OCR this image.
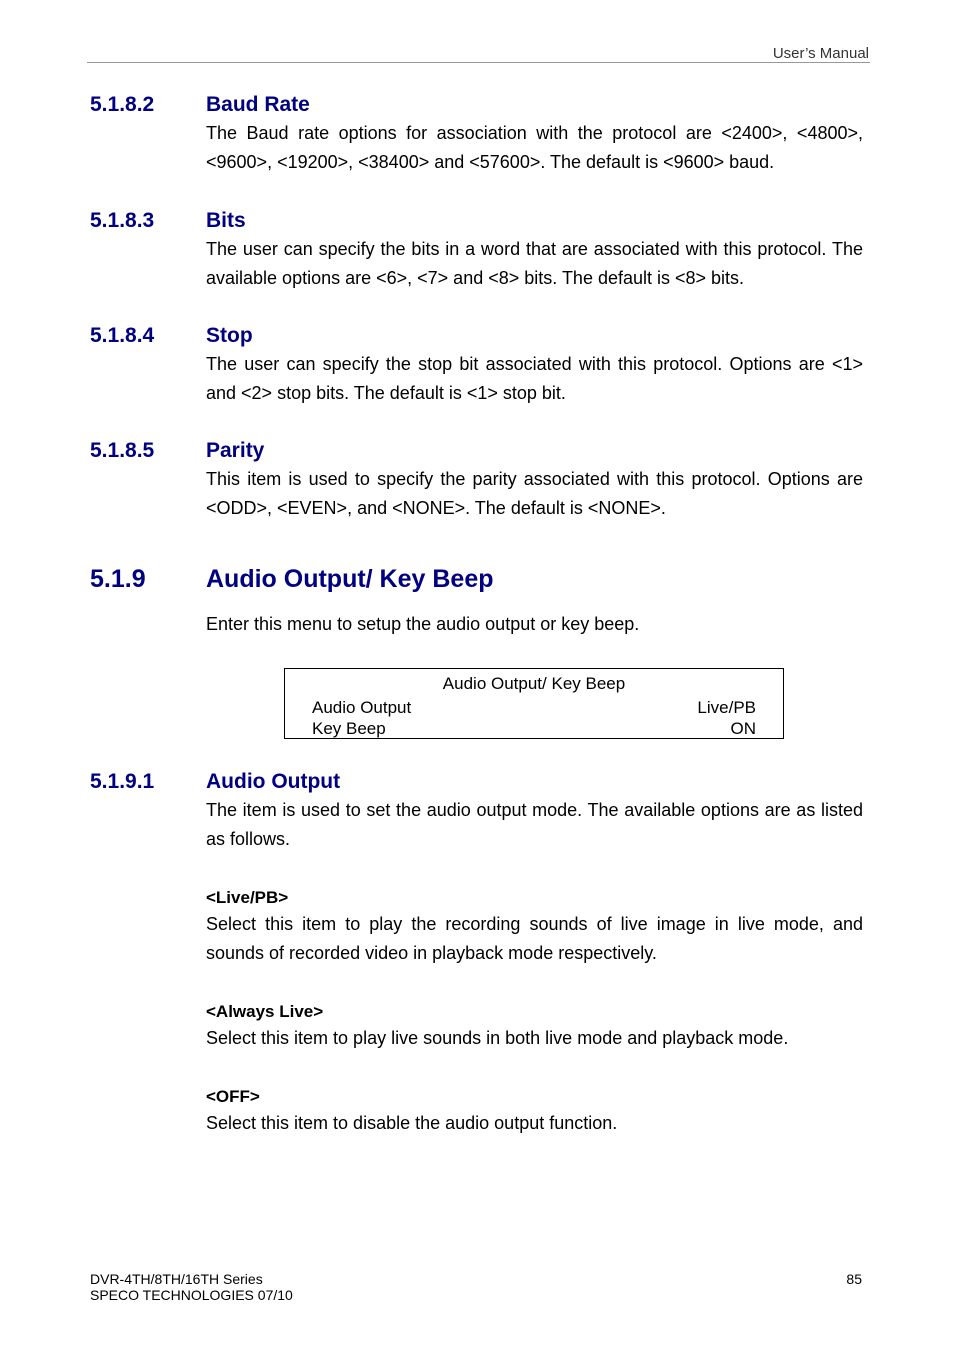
User’s Manual
5.1.8.2 Baud Rate
The Baud rate options for association with the protocol are <2400>, <4800>, <9600>, <19200>, <38400> and <57600>. The default is <9600> baud.
5.1.8.3 Bits
The user can specify the bits in a word that are associated with this protocol. The available options are <6>, <7> and <8> bits. The default is <8> bits.
5.1.8.4 Stop
The user can specify the stop bit associated with this protocol. Options are <1> and <2> stop bits. The default is <1> stop bit.
5.1.8.5 Parity
This item is used to specify the parity associated with this protocol. Options are <ODD>, <EVEN>, and <NONE>. The default is <NONE>.
5.1.9 Audio Output/ Key Beep
Enter this menu to setup the audio output or key beep.
Audio Output/ Key Beep
Audio Output	Live/PB
Key Beep	ON
5.1.9.1 Audio Output
The item is used to set the audio output mode. The available options are as listed as follows.
<Live/PB>
Select this item to play the recording sounds of live image in live mode, and sounds of recorded video in playback mode respectively.
<Always Live>
Select this item to play live sounds in both live mode and playback mode.
<OFF>
Select this item to disable the audio output function.
DVR-4TH/8TH/16TH Series
SPECO TECHNOLOGIES 07/10
85
